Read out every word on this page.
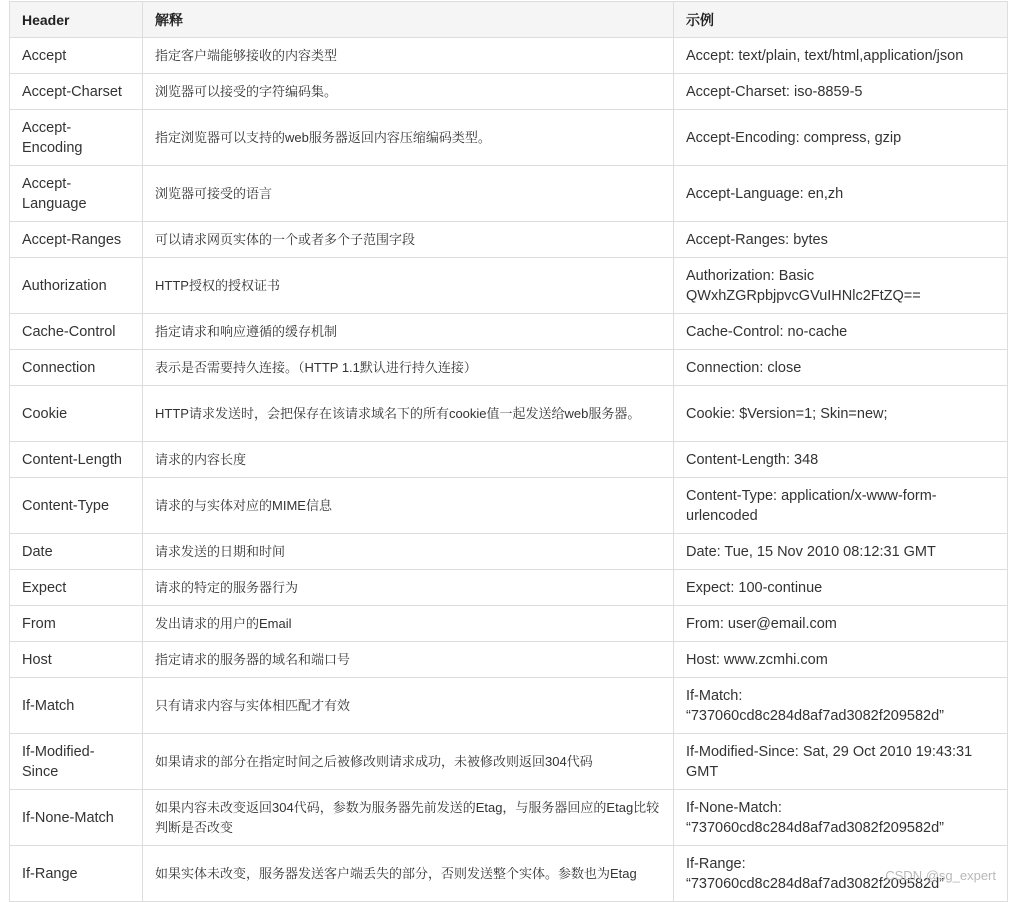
Header	解释	示例
Accept	指定客户端能够接收的内容类型	Accept: text/plain, text/html,application/json
Accept-Charset	浏览器可以接受的字符编码集。	Accept-Charset: iso-8859-5
Accept-Encoding	指定浏览器可以支持的web服务器返回内容压缩编码类型。	Accept-Encoding: compress, gzip
Accept-Language	浏览器可接受的语言	Accept-Language: en,zh
Accept-Ranges	可以请求网页实体的一个或者多个子范围字段	Accept-Ranges: bytes
Authorization	HTTP授权的授权证书	Authorization: Basic QWxhZGRpbjpvcGVuIHNlc2FtZQ==
Cache-Control	指定请求和响应遵循的缓存机制	Cache-Control: no-cache
Connection	表示是否需要持久连接。（HTTP 1.1默认进行持久连接）	Connection: close
Cookie	HTTP请求发送时，会把保存在该请求域名下的所有cookie值一起发送给web服务器。	Cookie: $Version=1; Skin=new;
Content-Length	请求的内容长度	Content-Length: 348
Content-Type	请求的与实体对应的MIME信息	Content-Type: application/x-www-form-urlencoded
Date	请求发送的日期和时间	Date: Tue, 15 Nov 2010 08:12:31 GMT
Expect	请求的特定的服务器行为	Expect: 100-continue
From	发出请求的用户的Email	From: user@email.com
Host	指定请求的服务器的域名和端口号	Host: www.zcmhi.com
If-Match	只有请求内容与实体相匹配才有效	If-Match: “737060cd8c284d8af7ad3082f209582d”
If-Modified-Since	如果请求的部分在指定时间之后被修改则请求成功，未被修改则返回304代码	If-Modified-Since: Sat, 29 Oct 2010 19:43:31 GMT
If-None-Match	如果内容未改变返回304代码，参数为服务器先前发送的Etag，与服务器回应的Etag比较判断是否改变	If-None-Match: “737060cd8c284d8af7ad3082f209582d”
If-Range	如果实体未改变，服务器发送客户端丢失的部分，否则发送整个实体。参数也为Etag	If-Range: “737060cd8c284d8af7ad3082f209582d”
CSDN @sg_expert
